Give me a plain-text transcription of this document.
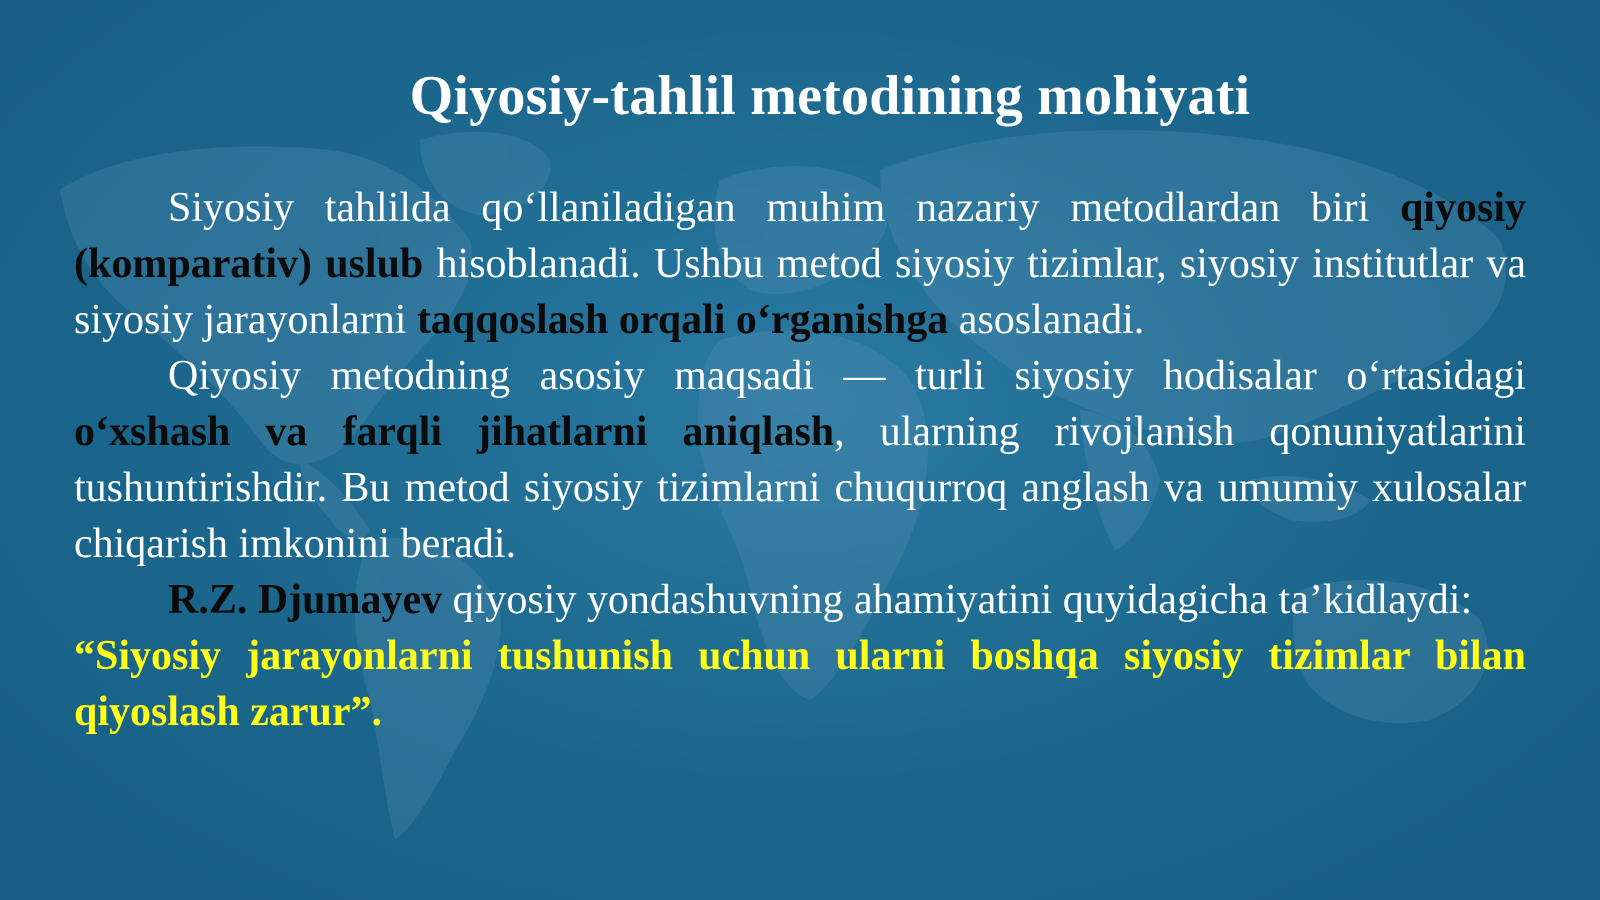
Qiyosiy-tahlil metodining mohiyati

Siyosiy tahlilda qo‘llaniladigan muhim nazariy metodlardan biri qiyosiy (komparativ) uslub hisoblanadi. Ushbu metod siyosiy tizimlar, siyosiy institutlar va siyosiy jarayonlarni taqqoslash orqali o‘rganishga asoslanadi.

Qiyosiy metodning asosiy maqsadi — turli siyosiy hodisalar o‘rtasidagi o‘xshash va farqli jihatlarni aniqlash, ularning rivojlanish qonuniyatlarini tushuntirishdir. Bu metod siyosiy tizimlarni chuqurroq anglash va umumiy xulosalar chiqarish imkonini beradi.

R.Z. Djumayev qiyosiy yondashuvning ahamiyatini quyidagicha ta’kidlaydi:

“Siyosiy jarayonlarni tushunish uchun ularni boshqa siyosiy tizimlar bilan qiyoslash zarur”.
